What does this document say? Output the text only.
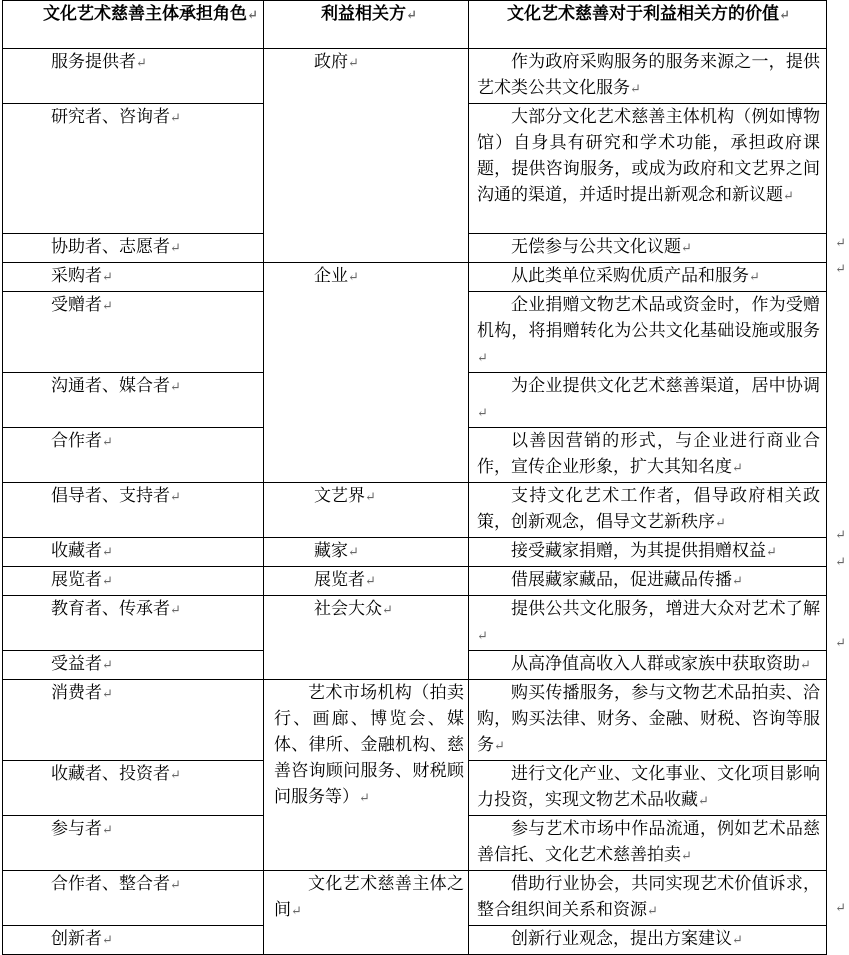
文化艺术慈善主体承担角色↵	利益相关方↵	文化艺术慈善对于利益相关方的价值↵
服务提供者↵	政府↵	作为政府采购服务的服务来源之一，提供艺术类公共文化服务↵
研究者、咨询者↵		大部分文化艺术慈善主体机构（例如博物馆）自身具有研究和学术功能，承担政府课题，提供咨询服务，或成为政府和文艺界之间沟通的渠道，并适时提出新观念和新议题↵
协助者、志愿者↵		无偿参与公共文化议题↵
采购者↵	企业↵	从此类单位采购优质产品和服务↵
受赠者↵		企业捐赠文物艺术品或资金时，作为受赠机构，将捐赠转化为公共文化基础设施或服务↵
沟通者、媒合者↵		为企业提供文化艺术慈善渠道，居中协调↵
合作者↵		以善因营销的形式，与企业进行商业合作，宣传企业形象，扩大其知名度↵
倡导者、支持者↵	文艺界↵	支持文化艺术工作者，倡导政府相关政策，创新观念，倡导文艺新秩序↵
收藏者↵	藏家↵	接受藏家捐赠，为其提供捐赠权益↵
展览者↵	展览者↵	借展藏家藏品，促进藏品传播↵
教育者、传承者↵	社会大众↵	提供公共文化服务，增进大众对艺术了解↵
受益者↵		从高净值高收入人群或家族中获取资助↵
消费者↵	艺术市场机构（拍卖行、画廊、博览会、媒体、律所、金融机构、慈善咨询顾问服务、财税顾问服务等）↵	购买传播服务，参与文物艺术品拍卖、洽购，购买法律、财务、金融、财税、咨询等服务↵
收藏者、投资者↵		进行文化产业、文化事业、文化项目影响力投资，实现文物艺术品收藏↵
参与者↵		参与艺术市场中作品流通，例如艺术品慈善信托、文化艺术慈善拍卖↵
合作者、整合者↵	文化艺术慈善主体之间↵	借助行业协会，共同实现艺术价值诉求，整合组织间关系和资源↵
创新者↵		创新行业观念，提出方案建议↵
↵
↵
↵
↵
↵
↵
